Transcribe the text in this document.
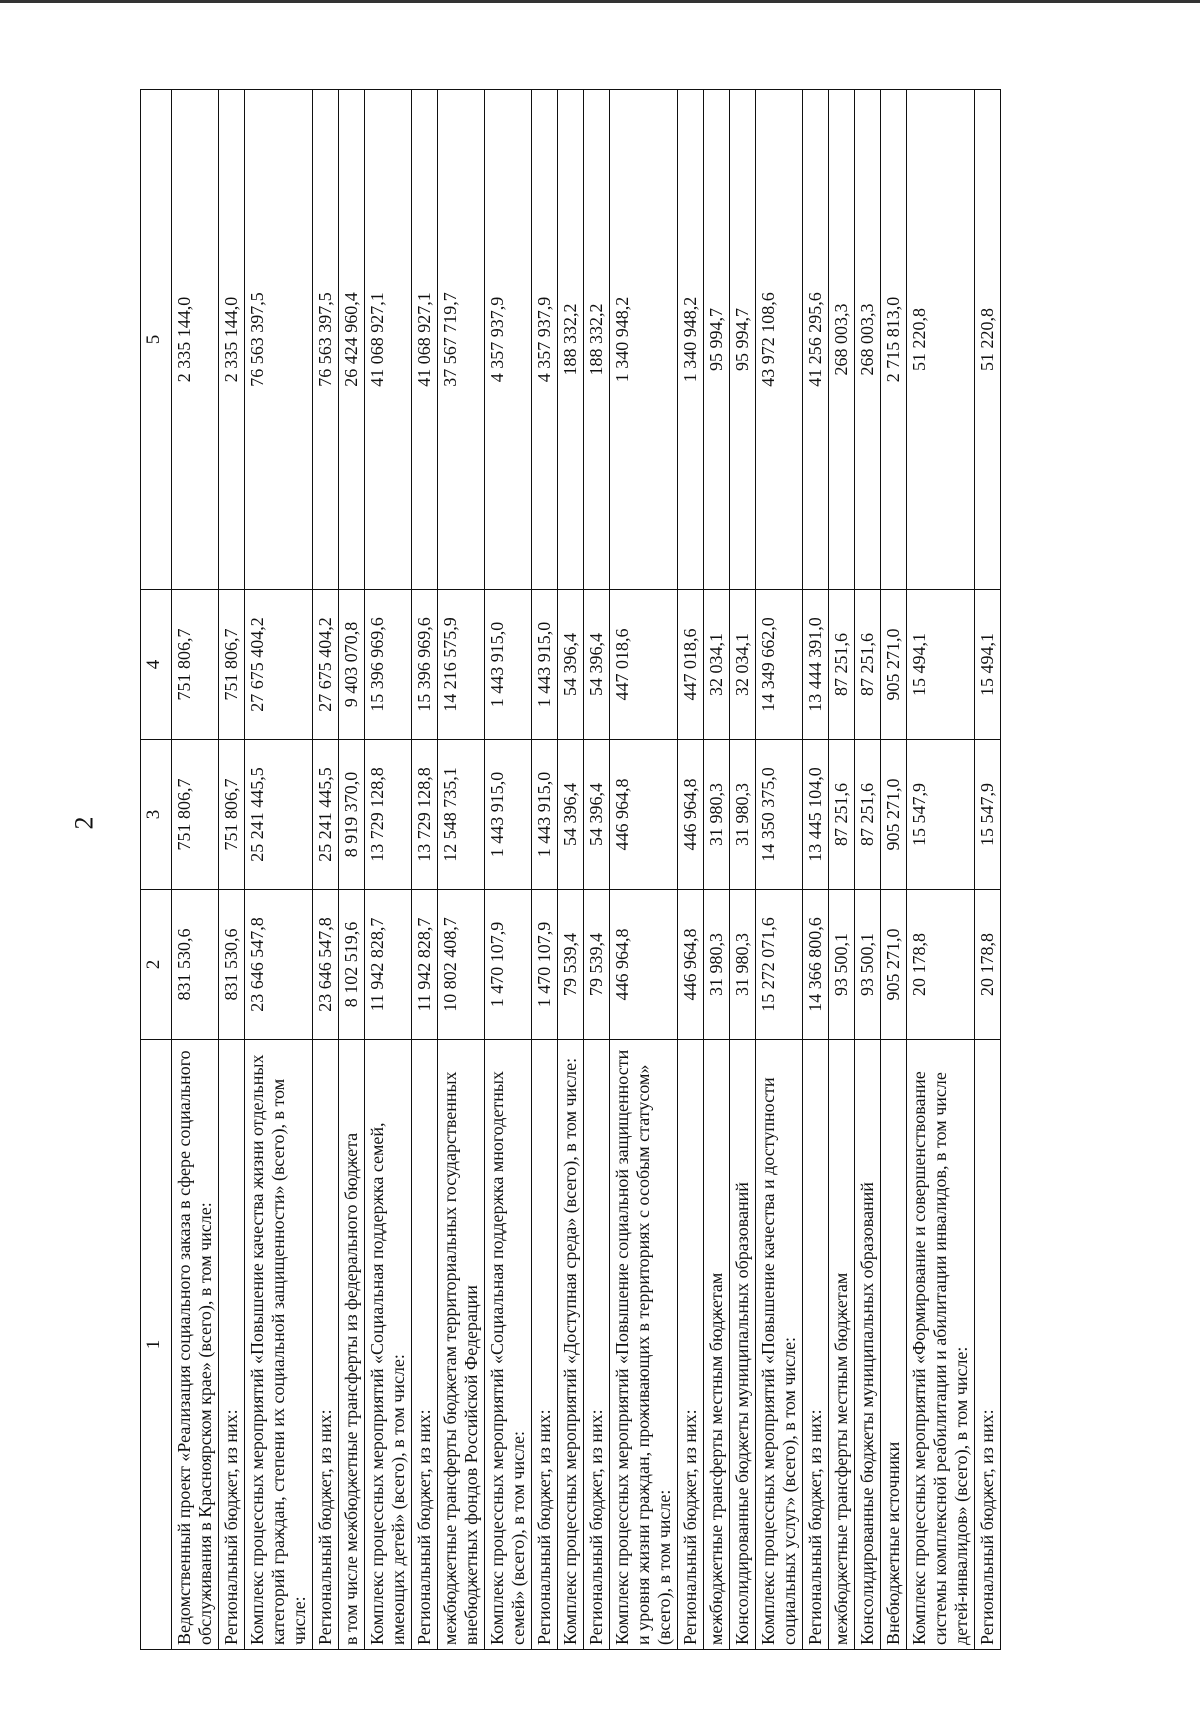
2
1	2	3	4	5
Ведомственный проект «Реализация социального заказа в сфере социального обслуживания в Красноярском крае» (всего), в том числе:	831 530,6	751 806,7	751 806,7	2 335 144,0
Региональный бюджет, из них:	831 530,6	751 806,7	751 806,7	2 335 144,0
Комплекс процессных мероприятий «Повышение качества жизни отдельных категорий граждан, степени их социальной защищенности» (всего), в том числе:	23 646 547,8	25 241 445,5	27 675 404,2	76 563 397,5
Региональный бюджет, из них:	23 646 547,8	25 241 445,5	27 675 404,2	76 563 397,5
в том числе межбюджетные трансферты из федерального бюджета	8 102 519,6	8 919 370,0	9 403 070,8	26 424 960,4
Комплекс процессных мероприятий «Социальная поддержка семей, имеющих детей» (всего), в том числе:	11 942 828,7	13 729 128,8	15 396 969,6	41 068 927,1
Региональный бюджет, из них:	11 942 828,7	13 729 128,8	15 396 969,6	41 068 927,1
межбюджетные трансферты бюджетам территориальных государственных внебюджетных фондов Российской Федерации	10 802 408,7	12 548 735,1	14 216 575,9	37 567 719,7
Комплекс процессных мероприятий «Социальная поддержка многодетных семей» (всего), в том числе:	1 470 107,9	1 443 915,0	1 443 915,0	4 357 937,9
Региональный бюджет, из них:	1 470 107,9	1 443 915,0	1 443 915,0	4 357 937,9
Комплекс процессных мероприятий «Доступная среда» (всего), в том числе:	79 539,4	54 396,4	54 396,4	188 332,2
Региональный бюджет, из них:	79 539,4	54 396,4	54 396,4	188 332,2
Комплекс процессных мероприятий «Повышение социальной защищенности и уровня жизни граждан, проживающих в территориях с особым статусом» (всего), в том числе:	446 964,8	446 964,8	447 018,6	1 340 948,2
Региональный бюджет, из них:	446 964,8	446 964,8	447 018,6	1 340 948,2
межбюджетные трансферты местным бюджетам	31 980,3	31 980,3	32 034,1	95 994,7
Консолидированные бюджеты муниципальных образований	31 980,3	31 980,3	32 034,1	95 994,7
Комплекс процессных мероприятий «Повышение качества и доступности социальных услуг» (всего), в том числе:	15 272 071,6	14 350 375,0	14 349 662,0	43 972 108,6
Региональный бюджет, из них:	14 366 800,6	13 445 104,0	13 444 391,0	41 256 295,6
межбюджетные трансферты местным бюджетам	93 500,1	87 251,6	87 251,6	268 003,3
Консолидированные бюджеты муниципальных образований	93 500,1	87 251,6	87 251,6	268 003,3
Внебюджетные источники	905 271,0	905 271,0	905 271,0	2 715 813,0
Комплекс процессных мероприятий «Формирование и совершенствование системы комплексной реабилитации и абилитации инвалидов, в том числе детей-инвалидов» (всего), в том числе:	20 178,8	15 547,9	15 494,1	51 220,8
Региональный бюджет, из них:	20 178,8	15 547,9	15 494,1	51 220,8
